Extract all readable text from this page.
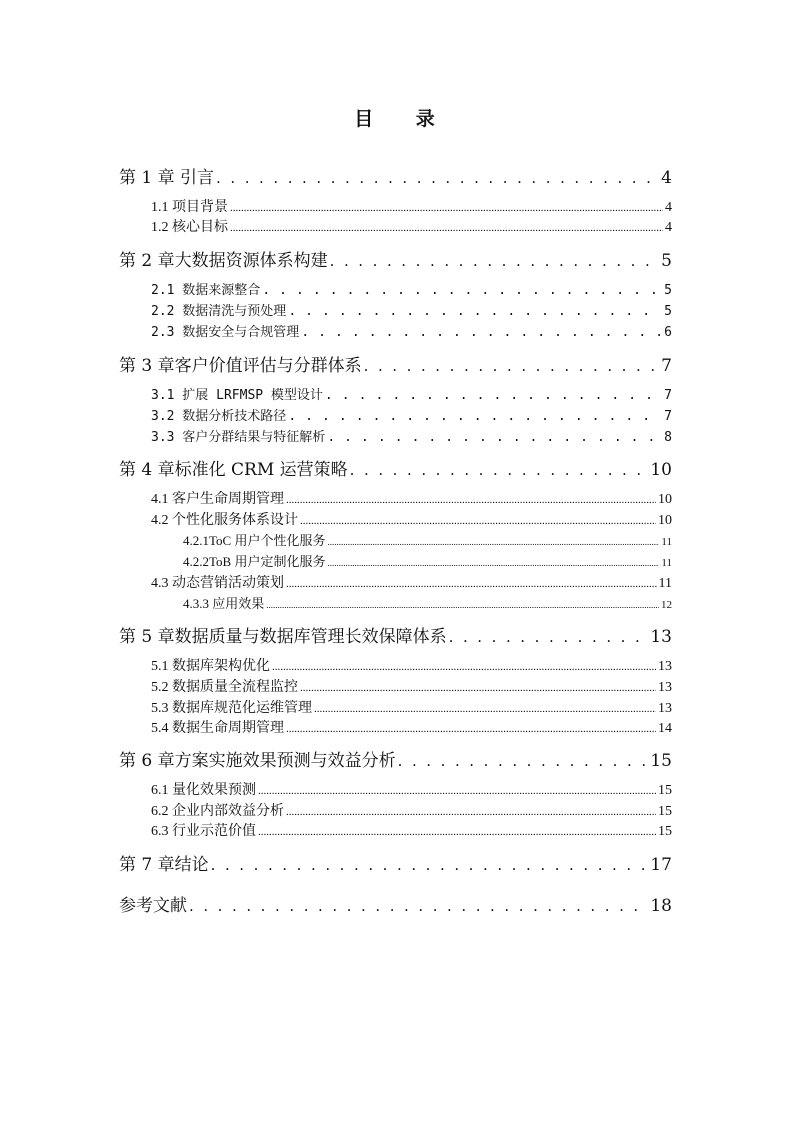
目 录
第 1 章 引言 . . .	4
1.1 项目背景 .....	4
1.2 核心目标 .....	4
第 2 章大数据资源体系构建 . . .	5
2.1 数据来源整合 . . .	5
2.2 数据清洗与预处理 . . .	5
2.3 数据安全与合规管理 . . .	6
第 3 章客户价值评估与分群体系 . . .	7
3.1 扩展 LRFMSP 模型设计 . . .	7
3.2 数据分析技术路径 . . .	7
3.3 客户分群结果与特征解析 . . .	8
第 4 章标准化 CRM 运营策略 . . .	10
4.1 客户生命周期管理 .....	10
4.2 个性化服务体系设计 .....	10
4.2.1ToC 用户个性化服务 .....	11
4.2.2ToB 用户定制化服务 .....	11
4.3 动态营销活动策划 .....	11
4.3.3 应用效果 .....	12
第 5 章数据质量与数据库管理长效保障体系 . . .	13
5.1 数据库架构优化 .....	13
5.2 数据质量全流程监控 .....	13
5.3 数据库规范化运维管理 .....	13
5.4 数据生命周期管理 .....	14
第 6 章方案实施效果预测与效益分析 . . .	15
6.1 量化效果预测 .....	15
6.2 企业内部效益分析 .....	15
6.3 行业示范价值 .....	15
第 7 章结论 . . .	17
参考文献 . . .	18
